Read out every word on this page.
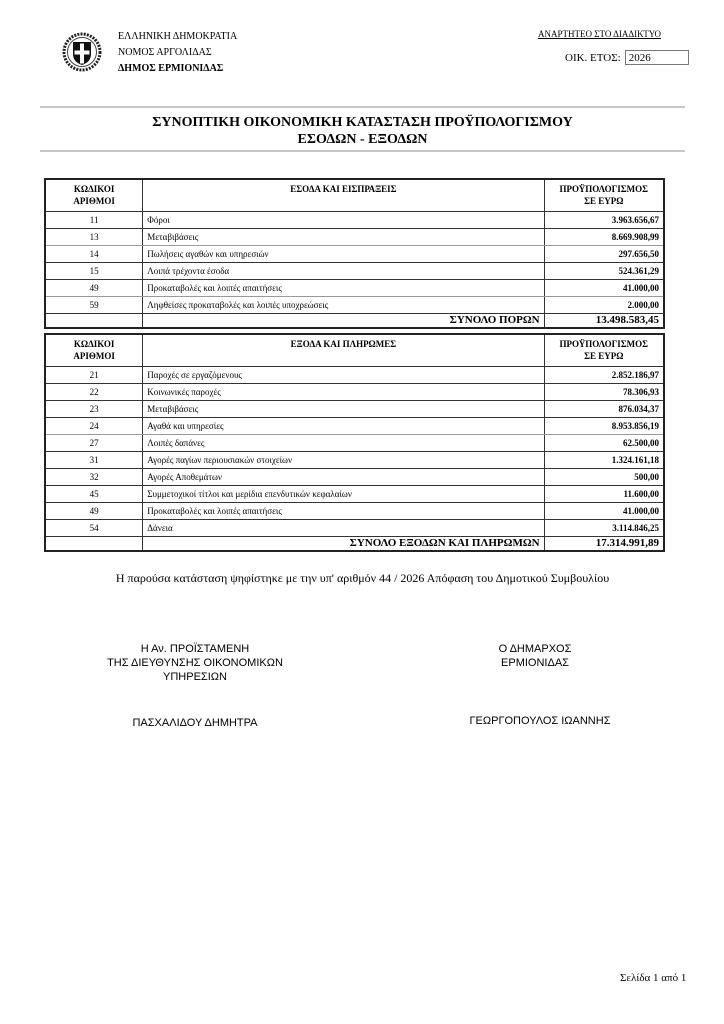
ΕΛΛΗΝΙΚΗ ΔΗΜΟΚΡΑΤΙΑ
ΝΟΜΟΣ ΑΡΓΟΛΙΔΑΣ
ΔΗΜΟΣ ΕΡΜΙΟΝΙΔΑΣ
ΑΝΑΡΤΗΤΕΟ ΣΤΟ ΔΙΑΔΙΚΤΥΟ
ΟΙΚ. ΕΤΟΣ: 2026
ΣΥΝΟΠΤΙΚΗ ΟΙΚΟΝΟΜΙΚΗ ΚΑΤΑΣΤΑΣΗ ΠΡΟΫΠΟΛΟΓΙΣΜΟΥ
ΕΣΟΔΩΝ - ΕΞΟΔΩΝ
ΚΩΔΙΚΟΙ
ΑΡΙΘΜΟΙ
	ΕΣΟΔΑ ΚΑΙ ΕΙΣΠΡΑΞΕΙΣ	ΠΡΟΫΠΟΛΟΓΙΣΜΟΣ
ΣΕ ΕΥΡΩ

11	Φόροι	3.963.656,67
13	Μεταβιβάσεις	8.669.908,99
14	Πωλήσεις αγαθών και υπηρεσιών	297.656,50
15	Λοιπά τρέχοντα έσοδα	524.361,29
49	Προκαταβολές και λοιπές απαιτήσεις	41.000,00
59	Ληφθείσες προκαταβολές και λοιπές υποχρεώσεις	2.000,00
	ΣΥΝΟΛΟ ΠΟΡΩΝ	13.498.583,45
ΚΩΔΙΚΟΙ
ΑΡΙΘΜΟΙ
	ΕΞΟΔΑ ΚΑΙ ΠΛΗΡΩΜΕΣ	ΠΡΟΫΠΟΛΟΓΙΣΜΟΣ
ΣΕ ΕΥΡΩ

21	Παροχές σε εργαζόμενους	2.852.186,97
22	Κοινωνικές παροχές	78.306,93
23	Μεταβιβάσεις	876.034,37
24	Αγαθά και υπηρεσίες	8.953.856,19
27	Λοιπές δαπάνες	62.500,00
31	Αγορές παγίων περιουσιακών στοιχείων	1.324.161,18
32	Αγορές Αποθεμάτων	500,00
45	Συμμετοχικοί τίτλοι και μερίδια επενδυτικών κεφαλαίων	11.600,00
49	Προκαταβολές και λοιπές απαιτήσεις	41.000,00
54	Δάνεια	3.114.846,25
	ΣΥΝΟΛΟ ΕΞΟΔΩΝ ΚΑΙ ΠΛΗΡΩΜΩΝ	17.314.991,89
Η παρούσα κατάσταση ψηφίστηκε με την υπ' αριθμόν 44 / 2026 Απόφαση του Δημοτικού Συμβουλίου
Η Αν. ΠΡΟΪΣΤΑΜΕΝΗ
ΤΗΣ ΔΙΕΥΘΥΝΣΗΣ ΟΙΚΟΝΟΜΙΚΩΝ
ΥΠΗΡΕΣΙΩΝ
Ο ΔΗΜΑΡΧΟΣ
ΕΡΜΙΟΝΙΔΑΣ
ΠΑΣΧΑΛΙΔΟΥ ΔΗΜΗΤΡΑ	ΓΕΩΡΓΟΠΟΥΛΟΣ ΙΩΑΝΝΗΣ
Σελίδα 1 από 1
